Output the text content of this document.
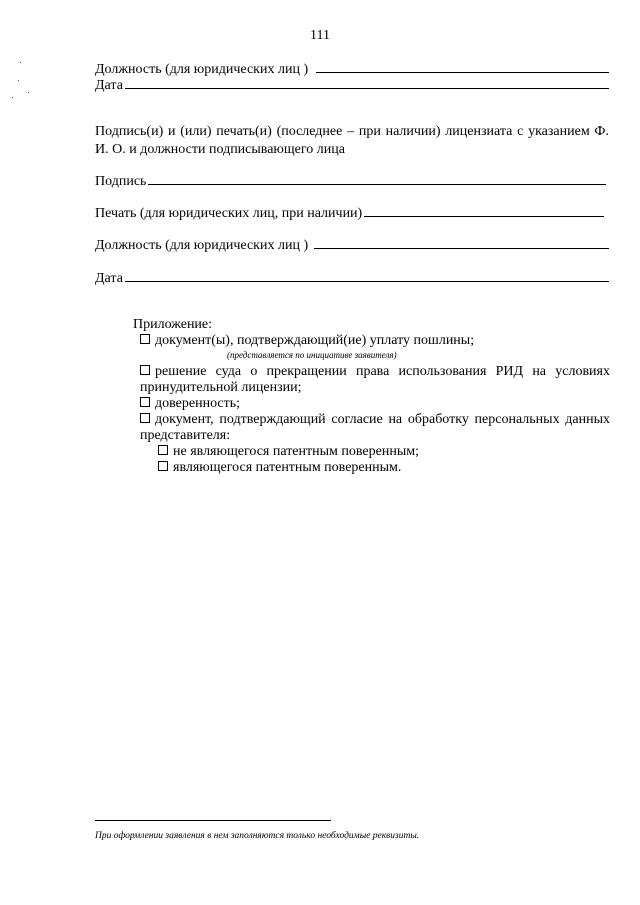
111
Должность (для юридических лиц )
Дата
Подпись(и) и (или) печать(и) (последнее – при наличии) лицензиата с указанием Ф. И. О. и должности подписывающего лица
Подпись
Печать (для юридических лиц, при наличии)
Должность (для юридических лиц )
Дата
Приложение:
документ(ы), подтверждающий(ие) уплату пошлины;
(представляется по инициативе заявителя)
решение суда о прекращении права использования РИД на условиях принудительной лицензии;
доверенность;
документ, подтверждающий согласие на обработку персональных данных представителя:
не являющегося патентным поверенным;
являющегося патентным поверенным.
При оформлении заявления в нем заполняются только необходимые реквизиты.
